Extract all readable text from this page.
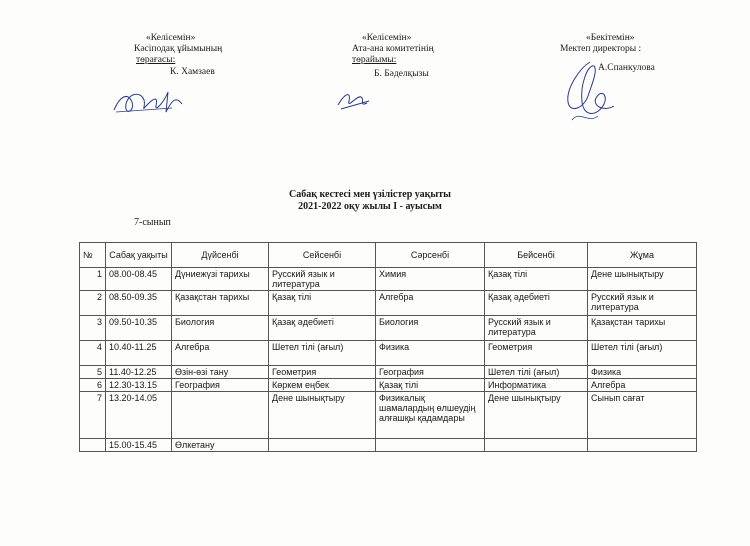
«Келісемін»
Кәсіподақ ұйымының
төрағасы:
К. Хамзаев
«Келісемін»
Ата-ана комитетінің
төрайымы:
Б. Бәделқызы
«Бекітемін»
Мектеп директоры :
А.Спанкулова
Сабақ кестесі мен үзілістер уақыты
2021-2022 оқу жылы І - ауысым
7-сынып
№	Сабақ уақыты	Дүйсенбі	Сейсенбі	Сәрсенбі	Бейсенбі	Жұма
1	08.00-08.45	Дүниежүзі тарихы	Русский язык и литература	Химия	Қазақ тілі	Дене шынықтыру
2	08.50-09.35	Қазақстан тарихы	Қазақ тілі	Алгебра	Қазақ әдебиеті	Русский язык и литература
3	09.50-10.35	Биология	Қазақ әдебиеті	Биология	Русский язык и литература	Қазақстан тарихы
4	10.40-11.25	Алгебра	Шетел тілі (ағыл)	Физика	Геометрия	Шетел тілі (ағыл)
5	11.40-12.25	Өзін-өзі тану	Геометрия	География	Шетел тілі (ағыл)	Физика
6	12.30-13.15	География	Көркем еңбек	Қазақ тілі	Информатика	Алгебра
7	13.20-14.05		Дене шынықтыру	Физикалық шамалардың өлшеудің алғашқы қадамдары	Дене шынықтыру	Сынып сағат
	15.00-15.45	Өлкетану				
